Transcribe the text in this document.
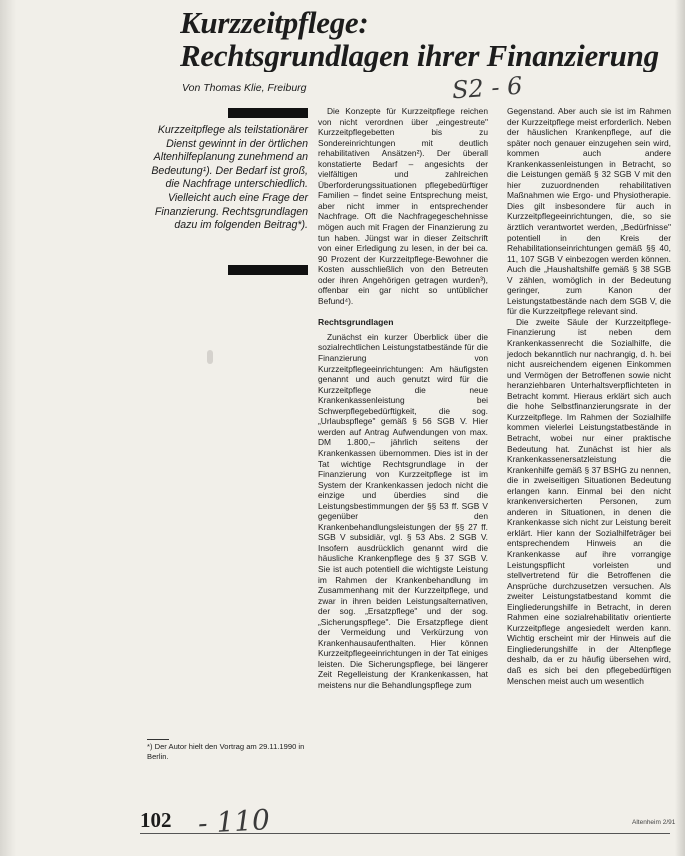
Kurzzeitpflege:
Rechtsgrundlagen ihrer Finanzierung
Von Thomas Klie, Freiburg	S2 - 6

Kurzzeitpflege als teilstationärer Dienst gewinnt in der örtlichen Altenhilfeplanung zunehmend an Bedeutung¹). Der Bedarf ist groß, die Nachfrage unterschiedlich. Vielleicht auch eine Frage der Finanzierung. Rechtsgrundlagen dazu im folgenden Beitrag*).

Die Konzepte für Kurzzeitpflege reichen von nicht verordnen über „eingestreute" Kurzzeitpflegebetten bis zu Sondereinrichtungen mit deutlich rehabilitativen Ansätzen²). Der überall konstatierte Bedarf – angesichts der vielfältigen und zahlreichen Überforderungssituationen pflegebedürftiger Familien – findet seine Entsprechung meist, aber nicht immer in entsprechender Nachfrage. Oft die Nachfragegeschehnisse mögen auch mit Fragen der Finanzierung zu tun haben. Jüngst war in dieser Zeitschrift von einer Erledigung zu lesen, in der bei ca. 90 Prozent der Kurzzeitpflege-Bewohner die Kosten ausschließlich von den Betreuten oder ihren Angehörigen getragen wurden³), offenbar ein gar nicht so untüblicher Befund⁴).

Rechtsgrundlagen

Zunächst ein kurzer Überblick über die sozialrechtlichen Leistungstatbestände für die Finanzierung von Kurzzeitpflegeeinrichtungen: Am häufigsten genannt und auch genutzt wird für die Kurzzeitpflege die neue Krankenkassenleistung bei Schwerpflegebedürftigkeit, die sog. „Urlaubspflege" gemäß § 56 SGB V. Hier werden auf Antrag Aufwendungen von max. DM 1.800,– jährlich seitens der Krankenkassen übernommen. Dies ist in der Tat wichtige Rechtsgrundlage in der Finanzierung von Kurzzeitpflege ist im System der Krankenkassen jedoch nicht die einzige und überdies sind die Leistungsbestimmungen der §§ 53 ff. SGB V gegenüber den Krankenbehandlungsleistungen der §§ 27 ff. SGB V subsidiär, vgl. § 53 Abs. 2 SGB V. Insofern ausdrücklich genannt wird die häusliche Krankenpflege des § 37 SGB V. Sie ist auch potentiell die wichtigste Leistung im Rahmen der Krankenbehandlung im Zusammenhang mit der Kurzzeitpflege, und zwar in ihren beiden Leistungsalternativen, der sog. „Ersatzpflege" und der sog. „Sicherungspflege". Die Ersatzpflege dient der Vermeidung und Verkürzung von Krankenhausaufenthalten. Hier können Kurzzeitpflegeeinrichtungen in der Tat einiges leisten. Die Sicherungspflege, bei längerer Zeit Regelleistung der Krankenkassen, hat meistens nur die Behandlungspflege zum

Gegenstand. Aber auch sie ist im Rahmen der Kurzzeitpflege meist erforderlich. Neben der häuslichen Krankenpflege, auf die später noch genauer einzugehen sein wird, kommen auch andere Krankenkassenleistungen in Betracht, so die Leistungen gemäß § 32 SGB V mit den hier zuzuordnenden rehabilitativen Maßnahmen wie Ergo- und Physiotherapie. Dies gilt insbesondere für auch in Kurzzeitpflegeeinrichtungen, die, so sie ärztlich verantwortet werden, „Bedürfnisse" potentiell in den Kreis der Rehabilitationseinrichtungen gemäß §§ 40, 11, 107 SGB V einbezogen werden können. Auch die „Haushaltshilfe gemäß § 38 SGB V zählen, womöglich in der Bedeutung geringer, zum Kanon der Leistungstatbestände nach dem SGB V, die für die Kurzzeitpflege relevant sind.

Die zweite Säule der Kurzzeitpflege-Finanzierung ist neben dem Krankenkassenrecht die Sozialhilfe, die jedoch bekanntlich nur nachrangig, d. h. bei nicht ausreichendem eigenen Einkommen und Vermögen der Betroffenen sowie nicht heranziehbaren Unterhaltsverpflichteten in Betracht kommt. Hieraus erklärt sich auch die hohe Selbstfinanzierungsrate in der Kurzzeitpflege. Im Rahmen der Sozialhilfe kommen vielerlei Leistungstatbestände in Betracht, wobei nur einer praktische Bedeutung hat. Zunächst ist hier als Krankenkassenersatzleistung die Krankenhilfe gemäß § 37 BSHG zu nennen, die in zweiseitigen Situationen Bedeutung erlangen kann. Einmal bei den nicht krankenversicherten Personen, zum anderen in Situationen, in denen die Krankenkasse sich nicht zur Leistung bereit erklärt. Hier kann der Sozialhilfeträger bei entsprechendem Hinweis an die Krankenkasse auf ihre vorrangige Leistungspflicht vorleisten und stellvertretend für die Betroffenen die Ansprüche durchzusetzen versuchen. Als zweiter Leistungstatbestand kommt die Eingliederungshilfe in Betracht, in deren Rahmen eine sozialrehabilitativ orientierte Kurzzeitpflege angesiedelt werden kann. Wichtig erscheint mir der Hinweis auf die Eingliederungshilfe in der Altenpflege deshalb, da er zu häufig übersehen wird, daß es sich bei den pflegebedürftigen Menschen meist auch um wesentlich

*) Der Autor hielt den Vortrag am 29.11.1990 in Berlin.
102 - 110	Altenheim 2/91
